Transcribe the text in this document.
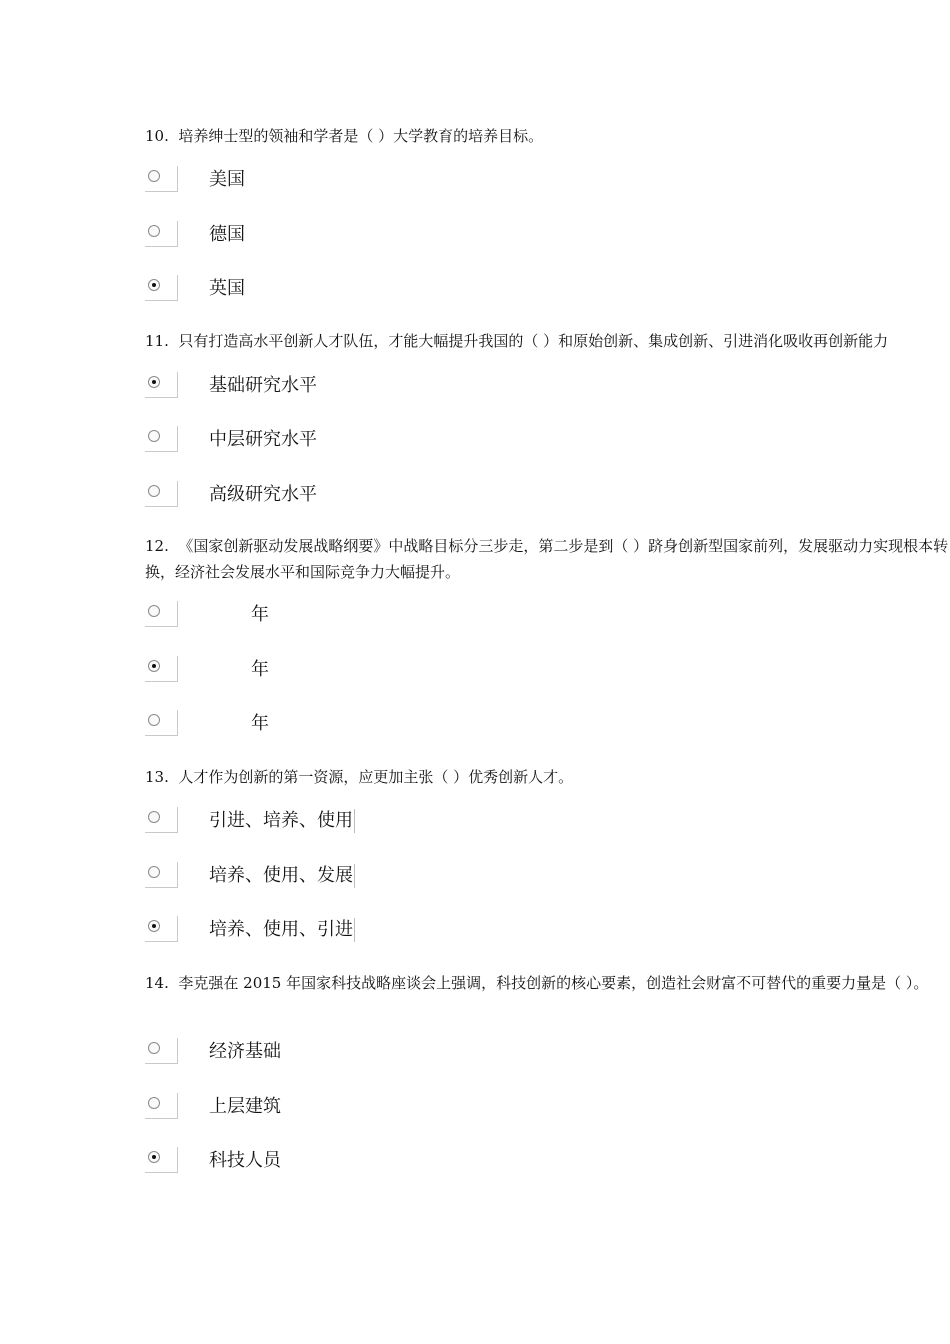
10. 培养绅士型的领袖和学者是（ ）大学教育的培养目标。
美国
德国
英国
11. 只有打造高水平创新人才队伍，才能大幅提升我国的（ ）和原始创新、集成创新、引进消化吸收再创新能力
基础研究水平
中层研究水平
高级研究水平
12. 《国家创新驱动发展战略纲要》中战略目标分三步走，第二步是到（ ）跻身创新型国家前列，发展驱动力实现根本转换，经济社会发展水平和国际竞争力大幅提升。
年
年
年
13. 人才作为创新的第一资源，应更加主张（ ）优秀创新人才。
引进、培养、使用
培养、使用、发展
培养、使用、引进
14. 李克强在 2015 年国家科技战略座谈会上强调，科技创新的核心要素，创造社会财富不可替代的重要力量是（ ）。
经济基础
上层建筑
科技人员
